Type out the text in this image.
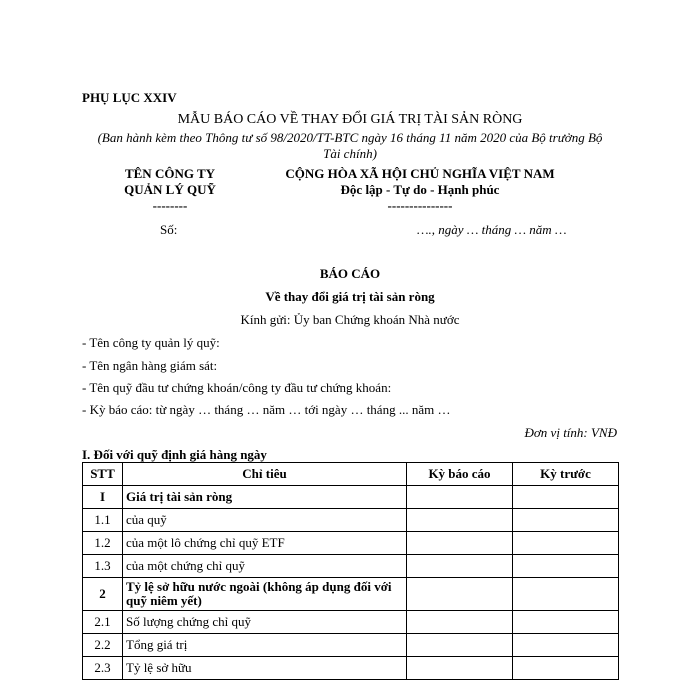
PHỤ LỤC XXIV
MẪU BÁO CÁO VỀ THAY ĐỔI GIÁ TRỊ TÀI SẢN RÒNG
(Ban hành kèm theo Thông tư số 98/2020/TT-BTC ngày 16 tháng 11 năm 2020 của Bộ trưởng Bộ
Tài chính)
TÊN CÔNG TY
QUẢN LÝ QUỸ
--------
CỘNG HÒA XÃ HỘI CHỦ NGHĨA VIỆT NAM
Độc lập - Tự do - Hạnh phúc
---------------
Số:	…., ngày … tháng … năm …
BÁO CÁO
Về thay đổi giá trị tài sản ròng
Kính gửi: Ủy ban Chứng khoán Nhà nước
- Tên công ty quản lý quỹ:
- Tên ngân hàng giám sát:
- Tên quỹ đầu tư chứng khoán/công ty đầu tư chứng khoán:
- Kỳ báo cáo: từ ngày … tháng … năm … tới ngày … tháng ... năm …
Đơn vị tính: VNĐ
I. Đối với quỹ định giá hàng ngày
STT	Chỉ tiêu	Kỳ báo cáo	Kỳ trước
I	Giá trị tài sản ròng		
1.1	của quỹ		
1.2	của một lô chứng chỉ quỹ ETF		
1.3	của một chứng chỉ quỹ		
2	Tỷ lệ sở hữu nước ngoài (không áp dụng đối với quỹ niêm yết)		
2.1	Số lượng chứng chỉ quỹ		
2.2	Tổng giá trị		
2.3	Tỷ lệ sở hữu		
